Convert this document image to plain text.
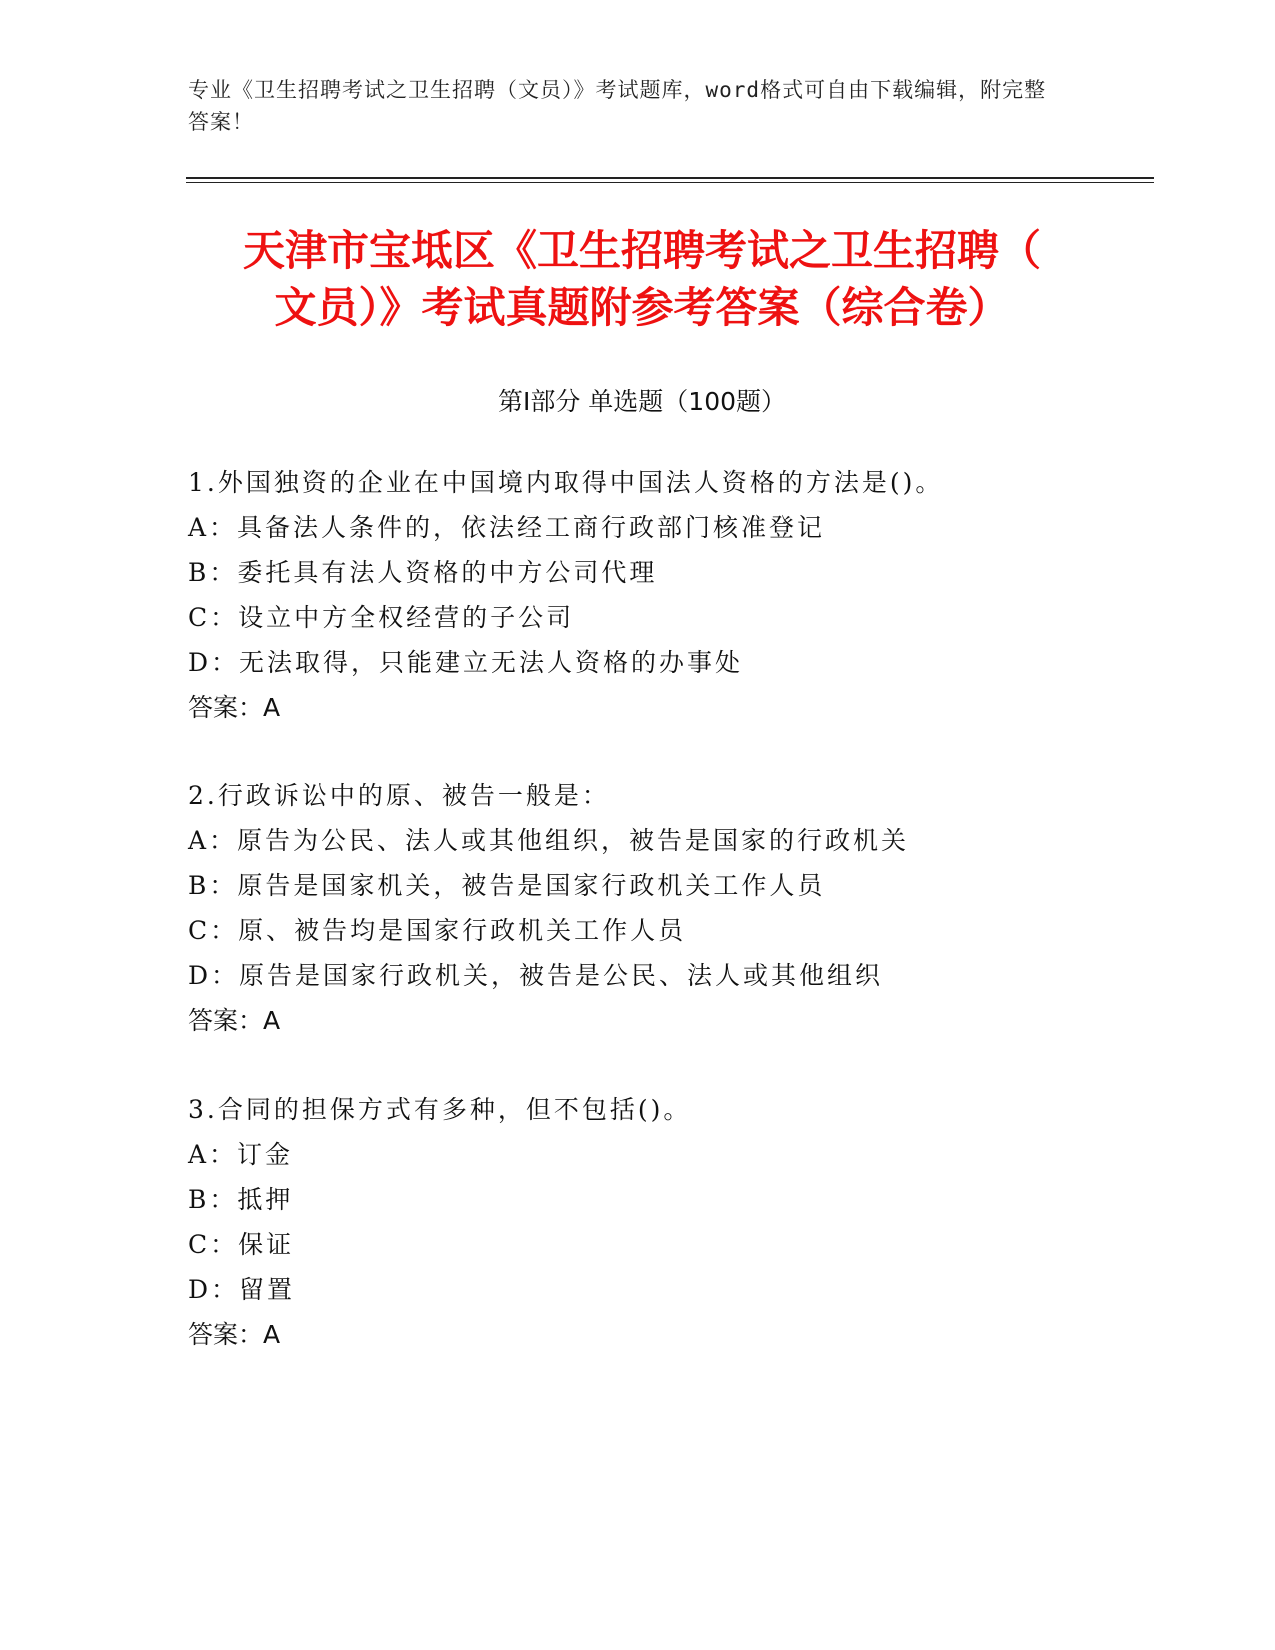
专业《卫生招聘考试之卫生招聘（文员）》考试题库，word格式可自由下载编辑，附完整答案！
天津市宝坻区《卫生招聘考试之卫生招聘（
文员）》考试真题附参考答案（综合卷）
第Ⅰ部分 单选题（100题）
1.外国独资的企业在中国境内取得中国法人资格的方法是()。
A：具备法人条件的，依法经工商行政部门核准登记
B：委托具有法人资格的中方公司代理
C：设立中方全权经营的子公司
D：无法取得，只能建立无法人资格的办事处
答案：A
2.行政诉讼中的原、被告一般是：
A：原告为公民、法人或其他组织，被告是国家的行政机关
B：原告是国家机关，被告是国家行政机关工作人员
C：原、被告均是国家行政机关工作人员
D：原告是国家行政机关，被告是公民、法人或其他组织
答案：A
3.合同的担保方式有多种，但不包括()。
A：订金
B：抵押
C：保证
D：留置
答案：A
